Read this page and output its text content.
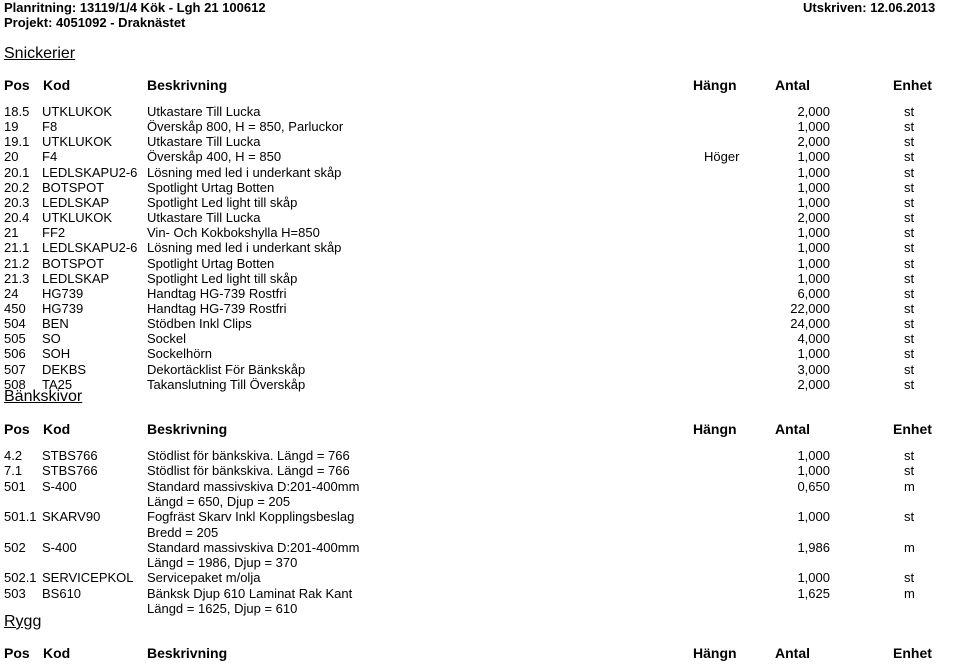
Planritning: 13119/1/4 Kök - Lgh 21 100612
Projekt: 4051092 - Draknästet
Utskriven: 12.06.2013
Snickerier
Pos Kod	Beskrivning	Hängn	Antal	Enhet
18.5 UTKLUKOK	Utkastare Till Lucka	2,000	st
19 F8	Överskåp 800, H = 850, Parluckor	1,000	st
19.1 UTKLUKOK	Utkastare Till Lucka	2,000	st
20 F4	Överskåp 400, H = 850	Höger	1,000	st
20.1 LEDLSKAPU2-6 Lösning med led i underkant skåp	1,000	st
20.2 BOTSPOT	Spotlight Urtag Botten	1,000	st
20.3 LEDLSKAP	Spotlight Led light till skåp	1,000	st
20.4 UTKLUKOK	Utkastare Till Lucka	2,000	st
21 FF2	Vin- Och Kokbokshylla H=850	1,000	st
21.1 LEDLSKAPU2-6 Lösning med led i underkant skåp	1,000	st
21.2 BOTSPOT	Spotlight Urtag Botten	1,000	st
21.3 LEDLSKAP	Spotlight Led light till skåp	1,000	st
24 HG739	Handtag HG-739 Rostfri	6,000	st
450 HG739	Handtag HG-739 Rostfri	22,000	st
504 BEN	Stödben Inkl Clips	24,000	st
505 SO	Sockel	4,000	st
506 SOH	Sockelhörn	1,000	st
507 DEKBS	Dekortäcklist För Bänkskåp	3,000	st
508 TA25	Takanslutning Till Överskåp	2,000	st
Bänkskivor
Pos Kod	Beskrivning	Hängn	Antal	Enhet
4.2 STBS766	Stödlist för bänkskiva. Längd = 766	1,000	st
7.1 STBS766	Stödlist för bänkskiva. Längd = 766	1,000	st
501 S-400	Standard massivskiva D:201-400mm	0,650	m
Längd = 650, Djup = 205
501.1 SKARV90	Fogfräst Skarv Inkl Kopplingsbeslag	1,000	st
Bredd = 205
502 S-400	Standard massivskiva D:201-400mm	1,986	m
Längd = 1986, Djup = 370
502.1 SERVICEPKOL Servicepaket m/olja	1,000	st
503 BS610	Bänksk Djup 610 Laminat Rak Kant	1,625	m
Längd = 1625, Djup = 610
Rygg
Pos Kod	Beskrivning	Hängn	Antal	Enhet
